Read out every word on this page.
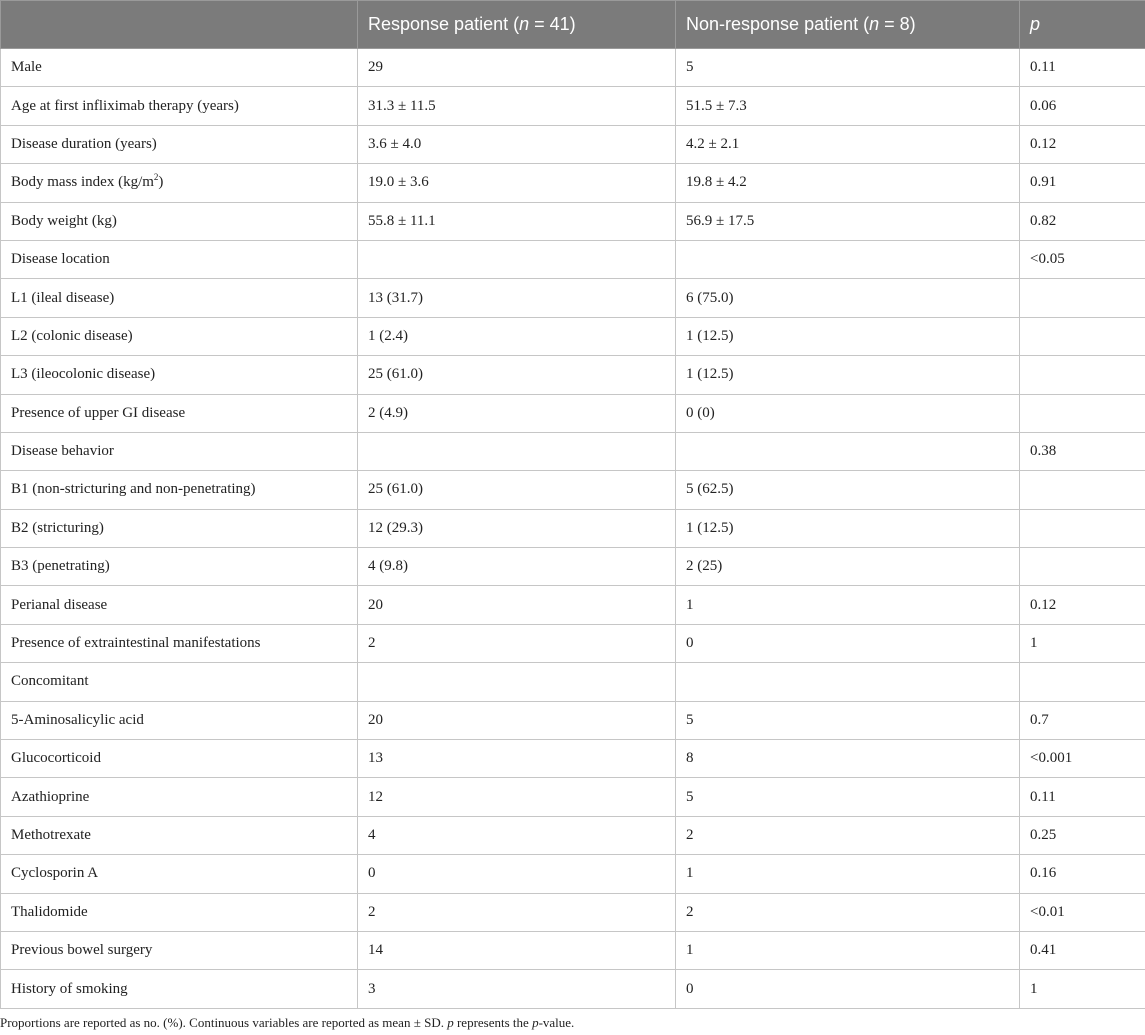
	Response patient (n = 41)	Non-response patient (n = 8)	p
Male	29	5	0.11
Age at first infliximab therapy (years)	31.3 ± 11.5	51.5 ± 7.3	0.06
Disease duration (years)	3.6 ± 4.0	4.2 ± 2.1	0.12
Body mass index $(kg/m^2)$	19.0 ± 3.6	19.8 ± 4.2	0.91
Body weight (kg)	55.8 ± 11.1	56.9 ± 17.5	0.82
Disease location			<0.05
L1 (ileal disease)	13 (31.7)	6 (75.0)	
L2 (colonic disease)	1 (2.4)	1 (12.5)	
L3 (ileocolonic disease)	25 (61.0)	1 (12.5)	
Presence of upper GI disease	2 (4.9)	0 (0)	
Disease behavior			0.38
B1 (non-stricturing and non-penetrating)	25 (61.0)	5 (62.5)	
B2 (stricturing)	12 (29.3)	1 (12.5)	
B3 (penetrating)	4 (9.8)	2 (25)	
Perianal disease	20	1	0.12
Presence of extraintestinal manifestations	2	0	1
Concomitant			
5-Aminosalicylic acid	20	5	0.7
Glucocorticoid	13	8	<0.001
Azathioprine	12	5	0.11
Methotrexate	4	2	0.25
Cyclosporin A	0	1	0.16
Thalidomide	2	2	<0.01
Previous bowel surgery	14	1	0.41
History of smoking	3	0	1
Proportions are reported as no. (%). Continuous variables are reported as mean ± SD. p represents the p-value.
